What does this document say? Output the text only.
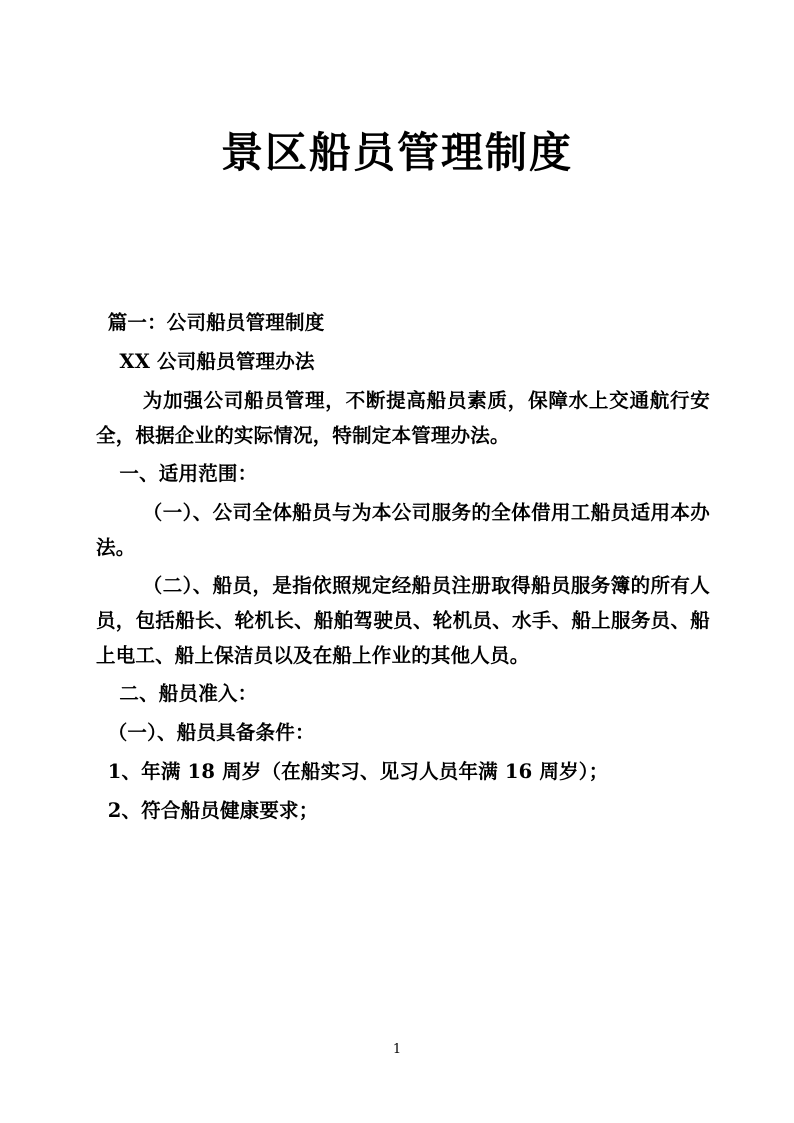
景区船员管理制度

篇一：公司船员管理制度

XX 公司船员管理办法

为加强公司船员管理，不断提高船员素质，保障水上交通航行安全，根据企业的实际情况，特制定本管理办法。

一、适用范围：

（一）、公司全体船员与为本公司服务的全体借用工船员适用本办法。

（二）、船员，是指依照规定经船员注册取得船员服务簿的所有人员，包括船长、轮机长、船舶驾驶员、轮机员、水手、船上服务员、船上电工、船上保洁员以及在船上作业的其他人员。

二、船员准入：

（一）、船员具备条件：

1、年满 18 周岁（在船实习、见习人员年满 16 周岁）；

2、符合船员健康要求；

1
